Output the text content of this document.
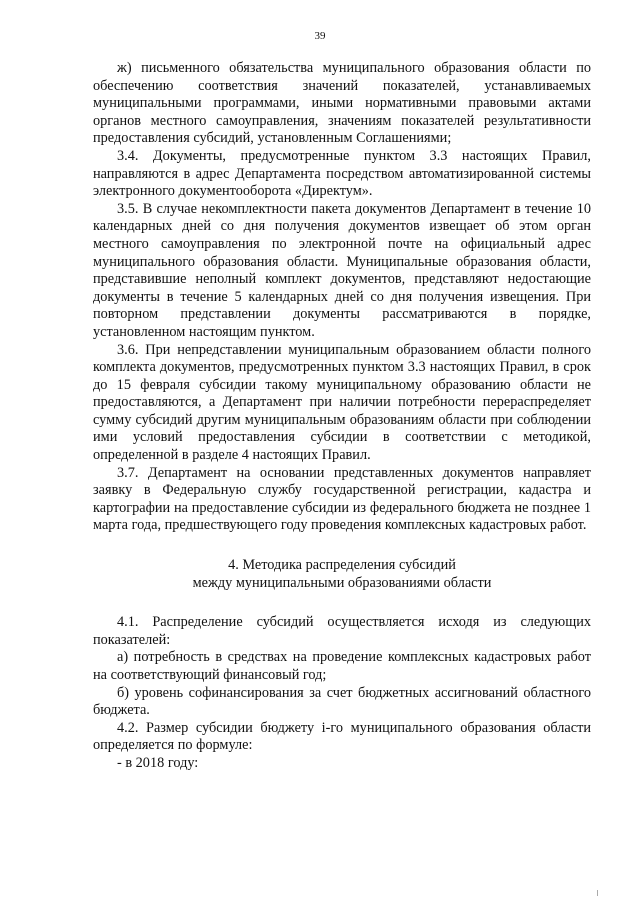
39

ж) письменного обязательства муниципального образования области по обеспечению соответствия значений показателей, устанавливаемых муниципальными программами, иными нормативными правовыми актами органов местного самоуправления, значениям показателей результативности предоставления субсидий, установленным Соглашениями;

3.4. Документы, предусмотренные пунктом 3.3 настоящих Правил, направляются в адрес Департамента посредством автоматизированной системы электронного документооборота «Директум».

3.5. В случае некомплектности пакета документов Департамент в течение 10 календарных дней со дня получения документов извещает об этом орган местного самоуправления по электронной почте на официальный адрес муниципального образования области. Муниципальные образования области, представившие неполный комплект документов, представляют недостающие документы в течение 5 календарных дней со дня получения извещения. При повторном представлении документы рассматриваются в порядке, установленном настоящим пунктом.

3.6. При непредставлении муниципальным образованием области полного комплекта документов, предусмотренных пунктом 3.3 настоящих Правил, в срок до 15 февраля субсидии такому муниципальному образованию области не предоставляются, а Департамент при наличии потребности перераспределяет сумму субсидий другим муниципальным образованиям области при соблюдении ими условий предоставления субсидии в соответствии с методикой, определенной в разделе 4 настоящих Правил.

3.7. Департамент на основании представленных документов направляет заявку в Федеральную службу государственной регистрации, кадастра и картографии на предоставление субсидии из федерального бюджета не позднее 1 марта года, предшествующего году проведения комплексных кадастровых работ.

4. Методика распределения субсидий
между муниципальными образованиями области

4.1. Распределение субсидий осуществляется исходя из следующих показателей:

а) потребность в средствах на проведение комплексных кадастровых работ на соответствующий финансовый год;

б) уровень софинансирования за счет бюджетных ассигнований областного бюджета.

4.2. Размер субсидии бюджету i-го муниципального образования области определяется по формуле:

- в 2018 году:
